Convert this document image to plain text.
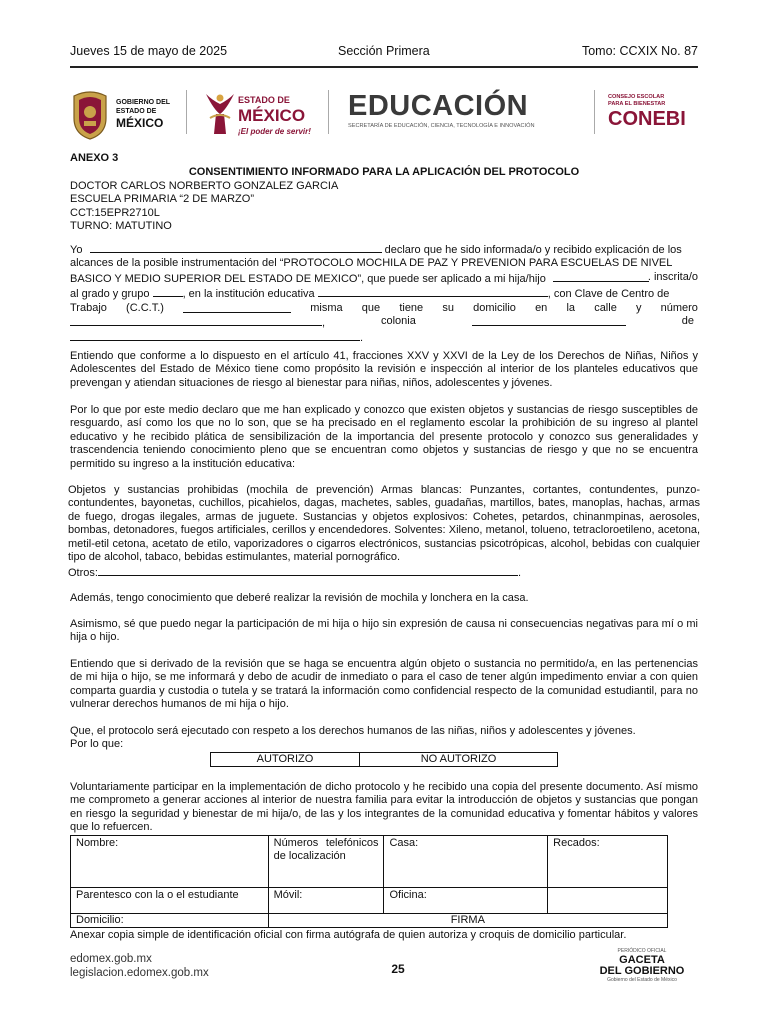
Jueves 15 de mayo de 2025	Sección Primera	Tomo: CCXIX No. 87
GOBIERNO DEL
ESTADO DE
MÉXICO
ESTADO DE
MÉXICO
¡El poder de servir!
EDUCACIÓN
SECRETARÍA DE EDUCACIÓN, CIENCIA, TECNOLOGÍA E INNOVACIÓN
CONSEJO ESCOLAR
PARA EL BIENESTAR
CONEBI
ANEXO 3
CONSENTIMIENTO INFORMADO PARA LA APLICACIÓN DEL PROTOCOLO
DOCTOR CARLOS NORBERTO GONZALEZ GARCIA
ESCUELA PRIMARIA “2 DE MARZO”
CCT:15EPR2710L
TURNO: MATUTINO
Yo	declaro que he sido informada/o y recibido explicación de los
alcances de la posible instrumentación del “PROTOCOLO MOCHILA DE PAZ Y PREVENION PARA ESCUELAS DE NIVEL
BASICO Y MEDIO SUPERIOR DEL ESTADO DE MEXICO”, que puede ser aplicado a mi hija/hijo	. inscrita/o
al grado y grupo	, en la institución educativa	, con Clave de Centro de
Trabajo (C.C.T.)	misma que tiene su domicilio en la calle y número
,	colonia	de
.
Entiendo que conforme a lo dispuesto en el artículo 41, fracciones XXV y XXVI de la Ley de los Derechos de Niñas, Niños y Adolescentes del Estado de México tiene como propósito la revisión e inspección al interior de los planteles educativos que prevengan y atiendan situaciones de riesgo al bienestar para niñas, niños, adolescentes y jóvenes.
Por lo que por este medio declaro que me han explicado y conozco que existen objetos y sustancias de riesgo susceptibles de resguardo, así como los que no lo son, que se ha precisado en el reglamento escolar la prohibición de su ingreso al plantel educativo y he recibido plática de sensibilización de la importancia del presente protocolo y conozco sus generalidades y trascendencia teniendo conocimiento pleno que se encuentran como objetos y sustancias de riesgo y que no se encuentra permitido su ingreso a la institución educativa:
Objetos y sustancias prohibidas (mochila de prevención) Armas blancas: Punzantes, cortantes, contundentes, punzo-contundentes, bayonetas, cuchillos, picahielos, dagas, machetes, sables, guadañas, martillos, bates, manoplas, hachas, armas de fuego, drogas ilegales, armas de juguete. Sustancias y objetos explosivos: Cohetes, petardos, chinanmpinas, aerosoles, bombas, detonadores, fuegos artificiales, cerillos y encendedores. Solventes: Xileno, metanol, tolueno, tetracloroetileno, acetona, metil-etil cetona, acetato de etilo, vaporizadores o cigarros electrónicos, sustancias psicotrópicas, alcohol, bebidas con cualquier tipo de alcohol, tabaco, bebidas estimulantes, material pornográfico.
Otros:	.
Además, tengo conocimiento que deberé realizar la revisión de mochila y lonchera en la casa.
Asimismo, sé que puedo negar la participación de mi hija o hijo sin expresión de causa ni consecuencias negativas para mí o mi hija o hijo.
Entiendo que si derivado de la revisión que se haga se encuentra algún objeto o sustancia no permitido/a, en las pertenencias de mi hija o hijo, se me informará y debo de acudir de inmediato o para el caso de tener algún impedimento enviar a con quien comparta guardia y custodia o tutela y se tratará la información como confidencial respecto de la comunidad estudiantil, para no vulnerar derechos humanos de mi hija o hijo.
Que, el protocolo será ejecutado con respeto a los derechos humanos de las niñas, niños y adolescentes y jóvenes.
Por lo que:
AUTORIZO	NO AUTORIZO
Voluntariamente participar en la implementación de dicho protocolo y he recibido una copia del presente documento. Así mismo me comprometo a generar acciones al interior de nuestra familia para evitar la introducción de objetos y sustancias que pongan en riesgo la seguridad y bienestar de mi hija/o, de las y los integrantes de la comunidad educativa y fomentar hábitos y valores que lo refuercen.
Nombre:	Números telefónicos de localización	Casa:	Recados:
Parentesco con la o el estudiante	Móvil:	Oficina:	
Domicilio:	FIRMA		
Anexar copia simple de identificación oficial con firma autógrafa de quien autoriza y croquis de domicilio particular.
edomex.gob.mx
legislacion.edomex.gob.mx	25
PERIÓDICO OFICIAL
GACETA
DEL GOBIERNO
Gobierno del Estado de México
